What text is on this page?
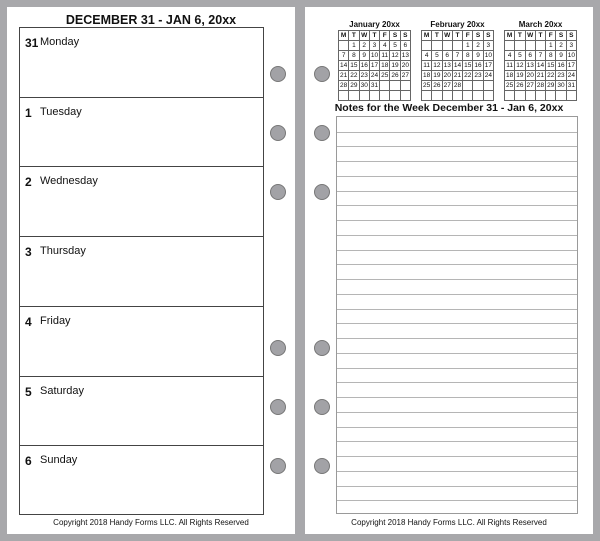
DECEMBER 31 - JAN 6, 20xx
31 Monday
1 Tuesday
2 Wednesday
3 Thursday
4 Friday
5 Saturday
6 Sunday
Copyright 2018 Handy Forms LLC. All Rights Reserved
January 20xx
M	T	W	T	F	S	S
	1	2	3	4	5	6
7	8	9	10	11	12	13
14	15	16	17	18	19	20
21	22	23	24	25	26	27
28	29	30	31			

February 20xx
M	T	W	T	F	S	S
				1	2	3
4	5	6	7	8	9	10
11	12	13	14	15	16	17
18	19	20	21	22	23	24
25	26	27	28			

March 20xx
M	T	W	T	F	S	S
				1	2	3
4	5	6	7	8	9	10
11	12	13	14	15	16	17
18	19	20	21	22	23	24
25	26	27	28	29	30	31

Notes for the Week December 31 - Jan 6, 20xx
Copyright 2018 Handy Forms LLC. All Rights Reserved
